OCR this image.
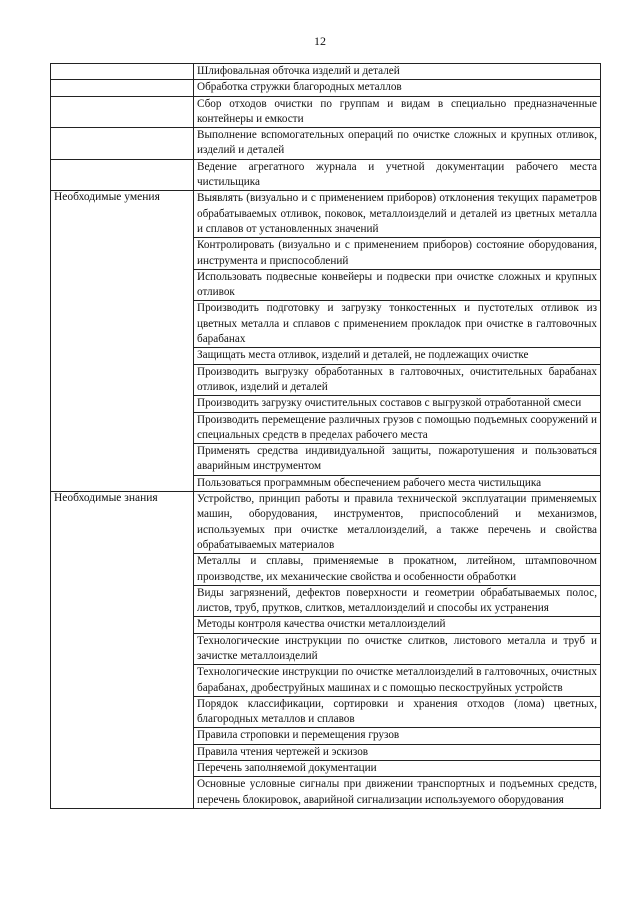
12
	Шлифовальная обточка изделий и деталей
	Обработка стружки благородных металлов
	Сбор отходов очистки по группам и видам в специально предназначенные контейнеры и емкости
	Выполнение вспомогательных операций по очистке сложных и крупных отливок, изделий и деталей
	Ведение агрегатного журнала и учетной документации рабочего места чистильщика
Необходимые умения	Выявлять (визуально и с применением приборов) отклонения текущих параметров обрабатываемых отливок, поковок, металлоизделий и деталей из цветных металла и сплавов от установленных значений
	Контролировать (визуально и с применением приборов) состояние оборудования, инструмента и приспособлений
	Использовать подвесные конвейеры и подвески при очистке сложных и крупных отливок
	Производить подготовку и загрузку тонкостенных и пустотелых отливок из цветных металла и сплавов с применением прокладок при очистке в галтовочных барабанах
	Защищать места отливок, изделий и деталей, не подлежащих очистке
	Производить выгрузку обработанных в галтовочных, очистительных барабанах отливок, изделий и деталей
	Производить загрузку очистительных составов с выгрузкой отработанной смеси
	Производить перемещение различных грузов с помощью подъемных сооружений и специальных средств в пределах рабочего места
	Применять средства индивидуальной защиты, пожаротушения и пользоваться аварийным инструментом
	Пользоваться программным обеспечением рабочего места чистильщика
Необходимые знания	Устройство, принцип работы и правила технической эксплуатации применяемых машин, оборудования, инструментов, приспособлений и механизмов, используемых при очистке металлоизделий, а также перечень и свойства обрабатываемых материалов
	Металлы и сплавы, применяемые в прокатном, литейном, штамповочном производстве, их механические свойства и особенности обработки
	Виды загрязнений, дефектов поверхности и геометрии обрабатываемых полос, листов, труб, прутков, слитков, металлоизделий и способы их устранения
	Методы контроля качества очистки металлоизделий
	Технологические инструкции по очистке слитков, листового металла и труб и зачистке металлоизделий
	Технологические инструкции по очистке металлоизделий в галтовочных, очистных барабанах, дробеструйных машинах и с помощью пескоструйных устройств
	Порядок классификации, сортировки и хранения отходов (лома) цветных, благородных металлов и сплавов
	Правила строповки и перемещения грузов
	Правила чтения чертежей и эскизов
	Перечень заполняемой документации
	Основные условные сигналы при движении транспортных и подъемных средств, перечень блокировок, аварийной сигнализации используемого оборудования
